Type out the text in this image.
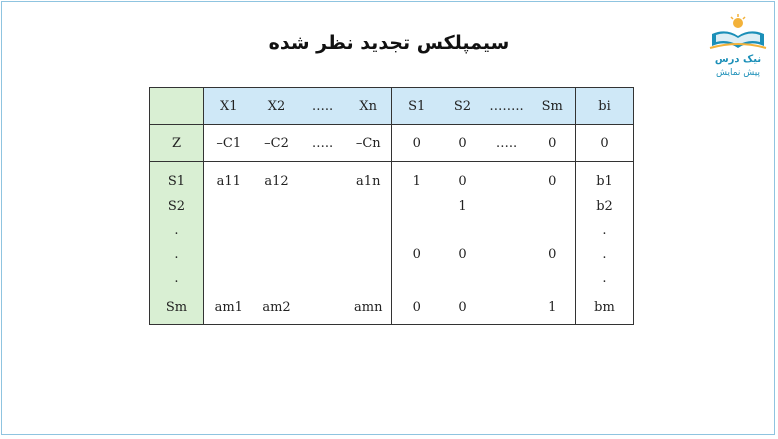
سیمپلکس تجدید نظر شده
نیک درس
پیش نمایش
	X1	X2	…..	Xn	S1	S2	……..	Sm	bi
Z	–C1	–C2	…..	–Cn	0	0	…..	0	0
S1	a11	a12		a1n	1	0		0	b1
S2						1			b2
.									.
.					0	0		0	.
.									.
Sm	am1	am2		amn	0	0		1	bm
